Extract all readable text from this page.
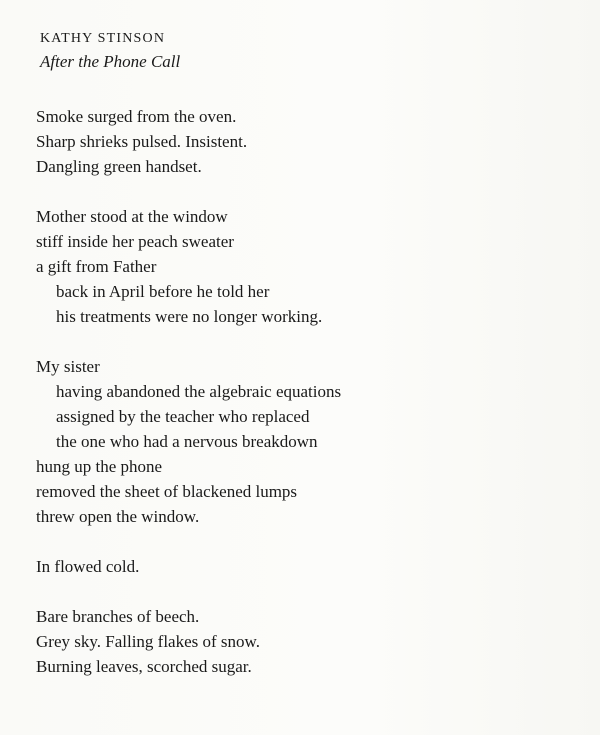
KATHY STINSON
After the Phone Call
Smoke surged from the oven.
Sharp shrieks pulsed. Insistent.
Dangling green handset.
Mother stood at the window
stiff inside her peach sweater
a gift from Father
back in April before he told her
his treatments were no longer working.
My sister
having abandoned the algebraic equations
assigned by the teacher who replaced
the one who had a nervous breakdown
hung up the phone
removed the sheet of blackened lumps
threw open the window.
In flowed cold.
Bare branches of beech.
Grey sky. Falling flakes of snow.
Burning leaves, scorched sugar.
